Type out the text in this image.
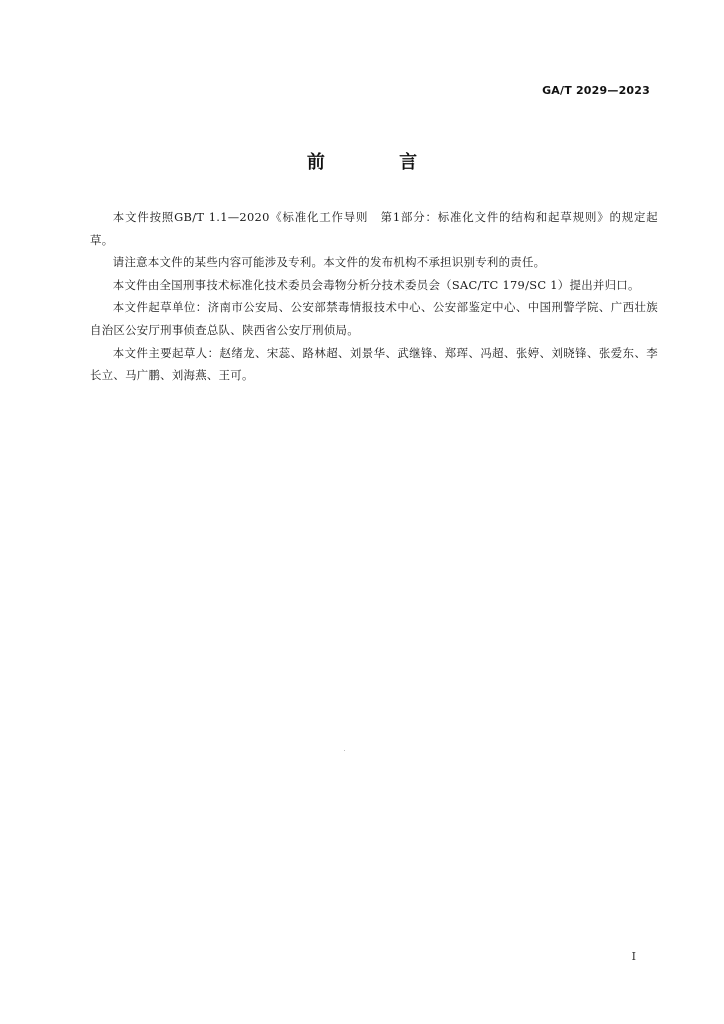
GA/T 2029—2023
前 言

本文件按照GB/T 1.1—2020《标准化工作导则　第1部分：标准化文件的结构和起草规则》的规定起草。

请注意本文件的某些内容可能涉及专利。本文件的发布机构不承担识别专利的责任。

本文件由全国刑事技术标准化技术委员会毒物分析分技术委员会（SAC/TC 179/SC 1）提出并归口。

本文件起草单位：济南市公安局、公安部禁毒情报技术中心、公安部鉴定中心、中国刑警学院、广西壮族自治区公安厅刑事侦查总队、陕西省公安厅刑侦局。

本文件主要起草人：赵绪龙、宋蕊、路林超、刘景华、武继锋、郑珲、冯超、张婷、刘晓锋、张爱东、李长立、马广鹏、刘海燕、王可。

I
